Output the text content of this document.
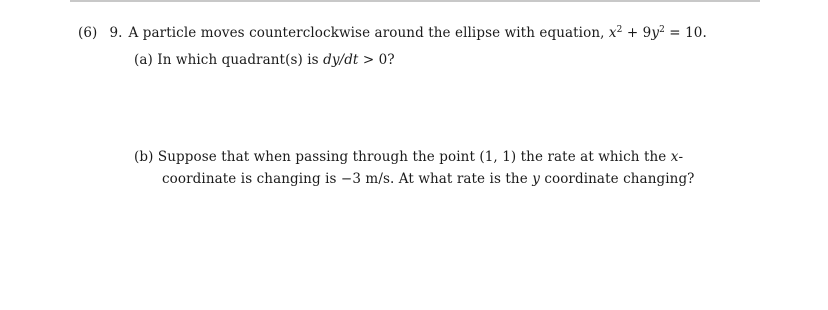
(6) 9. A particle moves counterclockwise around the ellipse with equation, $x^2 + 9y^2 = 10$.
(a) In which quadrant(s) is dy/dt > 0?
(b) Suppose that when passing through the point (1, 1) the rate at which the x-
coordinate is changing is −3 m/s. At what rate is the y coordinate changing?
